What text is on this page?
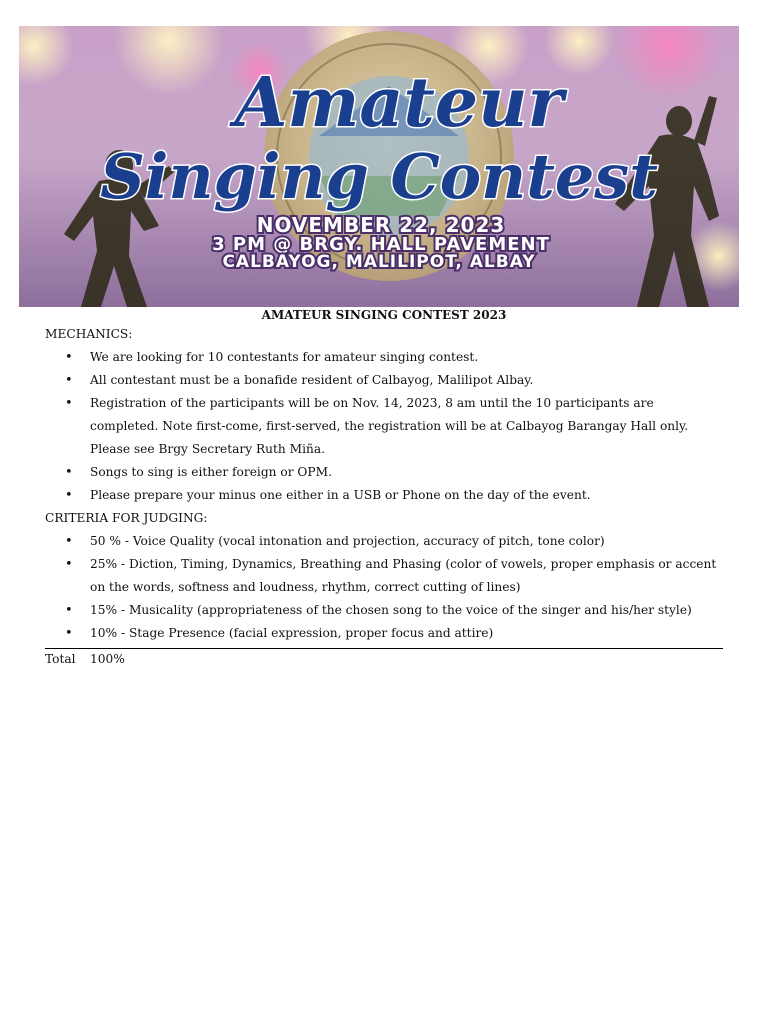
Amateur
Singing Contest
NOVEMBER 22, 2023
3 PM @ BRGY. HALL PAVEMENT
CALBAYOG, MALILIPOT, ALBAY

AMATEUR SINGING CONTEST 2023

MECHANICS:

• We are looking for 10 contestants for amateur singing contest.
• All contestant must be a bonafide resident of Calbayog, Malilipot Albay.
• Registration of the participants will be on Nov. 14, 2023, 8 am until the 10 participants are completed. Note first-come, first-served, the registration will be at Calbayog Barangay Hall only. Please see Brgy Secretary Ruth Miña.
• Songs to sing is either foreign or OPM.
• Please prepare your minus one either in a USB or Phone on the day of the event.

CRITERIA FOR JUDGING:

• 50 % - Voice Quality (vocal intonation and projection, accuracy of pitch, tone color)
• 25% - Diction, Timing, Dynamics, Breathing and Phasing (color of vowels, proper emphasis or accent on the words, softness and loudness, rhythm, correct cutting of lines)
• 15% - Musicality (appropriateness of the chosen song to the voice of the singer and his/her style)
• 10% - Stage Presence (facial expression, proper focus and attire)
Total	100%
